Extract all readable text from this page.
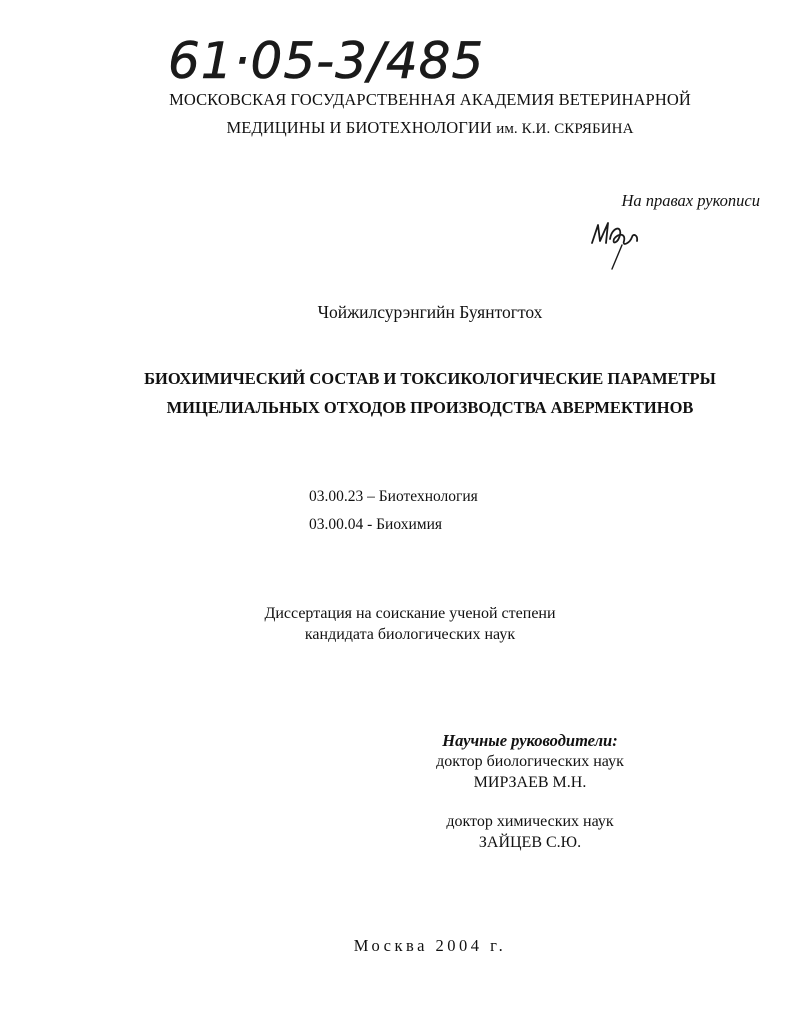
61·05-3/485
МОСКОВСКАЯ ГОСУДАРСТВЕННАЯ АКАДЕМИЯ ВЕТЕРИНАРНОЙ
МЕДИЦИНЫ И БИОТЕХНОЛОГИИ им. К.И. СКРЯБИНА
На правах рукописи
Чойжилсурэнгийн Буянтогтох
БИОХИМИЧЕСКИЙ СОСТАВ И ТОКСИКОЛОГИЧЕСКИЕ ПАРАМЕТРЫ
МИЦЕЛИАЛЬНЫХ ОТХОДОВ ПРОИЗВОДСТВА АВЕРМЕКТИНОВ
03.00.23 – Биотехнология
03.00.04 - Биохимия
Диссертация на соискание ученой степени
кандидата биологических наук
Научные руководители:
доктор биологических наук
МИРЗАЕВ М.Н.
доктор химических наук
ЗАЙЦЕВ С.Ю.
Москва 2004 г.
